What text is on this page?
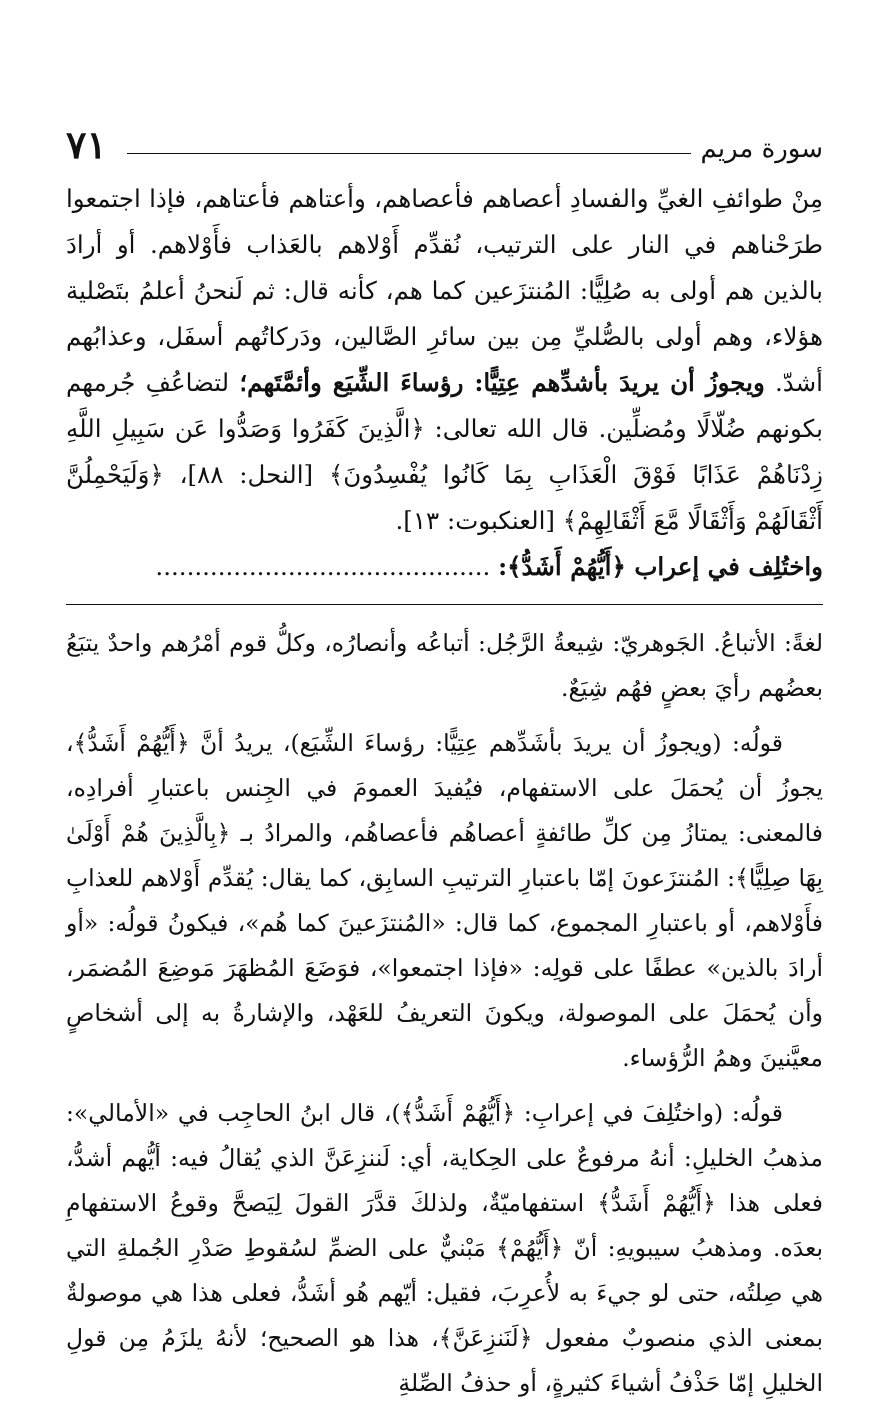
سورة مريم
٧١

مِنْ طوائفِ الغيِّ والفسادِ أعصاهم فأعصاهم، وأعتاهم فأعتاهم، فإذا اجتمعوا طرَحْناهم في النار على الترتيب، نُقدِّم أَوْلاهم بالعَذاب فأَوْلاهم. أو أرادَ بالذين هم أولى به صُلِيًّا: المُنتزَعين كما هم، كأنه قال: ثم لَنحنُ أعلمُ بتَصْلية هؤلاء، وهم أولى بالصُّليِّ مِن بين سائرِ الصَّالين، ودَركاتُهم أسفَل، وعذابُهم أشدّ. ويجوزُ أن يريدَ بأشدِّهم عِتِيًّا: رؤساءَ الشِّيَع وأئمَّتَهم؛ لتضاعُفِ جُرمهم بكونهم ضُلّالًا ومُضلِّين. قال الله تعالى: ﴿الَّذِينَ كَفَرُوا وَصَدُّوا عَن سَبِيلِ اللَّهِ زِدْنَاهُمْ عَذَابًا فَوْقَ الْعَذَابِ بِمَا كَانُوا يُفْسِدُونَ﴾ [النحل: ٨٨]، ﴿وَلَيَحْمِلُنَّ أَثْقَالَهُمْ وَأَثْقَالًا مَّعَ أَثْقَالِهِمْ﴾ [العنكبوت: ١٣].

واختُلِف في إعراب ﴿أَيُّهُمْ أَشَدُّ﴾: ...........................................

لغةً: الأتباعُ. الجَوهريّ: شِيعةُ الرَّجُل: أتباعُه وأنصارُه، وكلُّ قوم أمْرُهم واحدٌ يتبَعُ بعضُهم رأيَ بعضٍ فهُم شِيَعٌ.

قولُه: (ويجوزُ أن يريدَ بأشَدِّهم عِتِيًّا: رؤساءَ الشِّيَع)، يريدُ أنَّ ﴿أَيُّهُمْ أَشَدُّ﴾، يجوزُ أن يُحمَلَ على الاستفهام، فيُفيدَ العمومَ في الجِنس باعتبارِ أفرادِه، فالمعنى: يمتازُ مِن كلِّ طائفةٍ أعصاهُم فأعصاهُم، والمرادُ بـ ﴿بِالَّذِينَ هُمْ أَوْلَىٰ بِهَا صِلِيًّا﴾: المُنتزَعونَ إمّا باعتبارِ الترتيبِ السابِق، كما يقال: يُقدِّم أَوْلاهم للعذابِ فأَوْلاهم، أو باعتبارِ المجموع، كما قال: «المُنتزَعينَ كما هُم»، فيكونُ قولُه: «أو أرادَ بالذين» عطفًا على قولِه: «فإذا اجتمعوا»، فوَضَعَ المُظهَرَ مَوضِعَ المُضمَر، وأن يُحمَلَ على الموصولة، ويكونَ التعريفُ للعَهْد، والإشارةُ به إلى أشخاصٍ معيَّنينَ وهمُ الرُّؤساء.

قولُه: (واختُلِفَ في إعرابِ: ﴿أَيُّهُمْ أَشَدُّ﴾)، قال ابنُ الحاجِب في «الأمالي»: مذهبُ الخليلِ: أنهُ مرفوعٌ على الحِكاية، أي: لَننزِعَنَّ الذي يُقالُ فيه: أيُّهم أشدُّ، فعلى هذا ﴿أَيُّهُمْ أَشَدُّ﴾ استفهاميّةٌ، ولذلكَ قدَّرَ القولَ لِيَصحَّ وقوعُ الاستفهامِ بعدَه. ومذهبُ سيبويهِ: أنّ ﴿أَيُّهُمْ﴾ مَبْنيٌّ على الضمِّ لسُقوطِ صَدْرِ الجُملةِ التي هي صِلتُه، حتى لو جيءَ به لأُعرِبَ، فقيل: أيّهم هُو أشَدُّ، فعلى هذا هي موصولةٌ بمعنى الذي منصوبٌ مفعول ﴿لَنَنزِعَنَّ﴾، هذا هو الصحيح؛ لأنهُ يلزَمُ مِن قولِ الخليلِ إمّا حَذْفُ أشياءَ كثيرةٍ، أو حذفُ الصِّلةِ
